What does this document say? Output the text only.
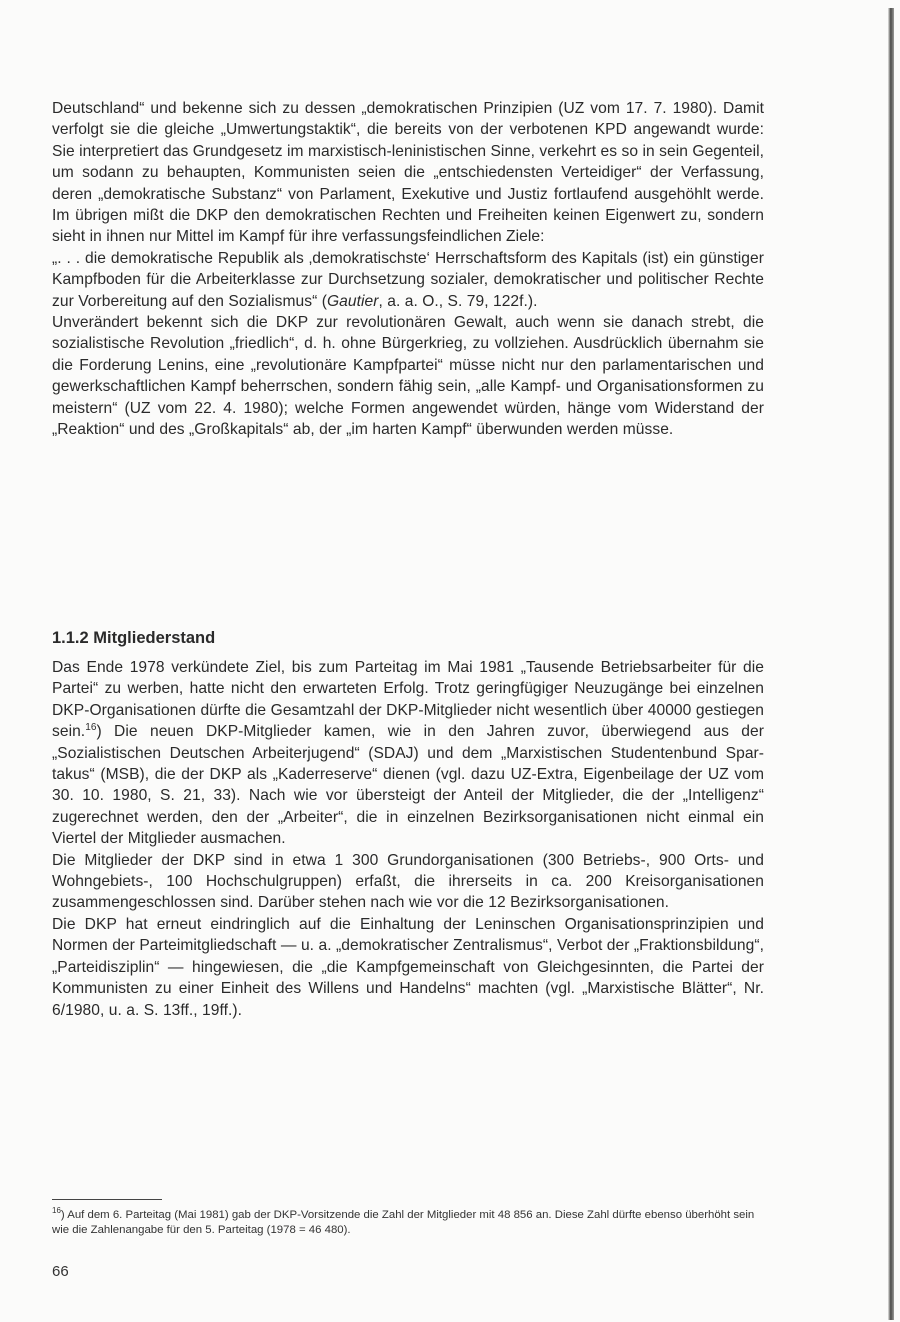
Deutschland“ und bekenne sich zu dessen „demokratischen Prinzipien (UZ vom 17. 7. 1980). Damit verfolgt sie die gleiche „Umwertungstaktik“, die bereits von der verbotenen KPD angewandt wurde: Sie interpretiert das Grundgesetz im marxistisch-leninistischen Sinne, verkehrt es so in sein Gegenteil, um sodann zu behaupten, Kommunisten seien die „entschiedensten Verteidiger“ der Verfassung, deren „demokratische Substanz“ von Parlament, Exekutive und Justiz fortlaufend ausgehöhlt werde. Im übrigen mißt die DKP den demokratischen Rechten und Freiheiten keinen Eigenwert zu, sondern sieht in ihnen nur Mittel im Kampf für ihre verfassungsfeindlichen Ziele:

„. . . die demokratische Republik als ‚demokratischste‘ Herrschaftsform des Kapitals (ist) ein günstiger Kampfboden für die Arbeiterklasse zur Durchsetzung sozialer, demokratischer und politischer Rechte zur Vorbereitung auf den Sozialismus“ (Gautier, a. a. O., S. 79, 122f.).

Unverändert bekennt sich die DKP zur revolutionären Gewalt, auch wenn sie danach strebt, die sozialistische Revolution „friedlich“, d. h. ohne Bürgerkrieg, zu vollziehen. Ausdrücklich übernahm sie die Forderung Lenins, eine „revolutionäre Kampfpartei“ müsse nicht nur den parlamentarischen und gewerkschaftlichen Kampf beherrschen, sondern fähig sein, „alle Kampf- und Organisationsformen zu meistern“ (UZ vom 22. 4. 1980); welche Formen angewendet würden, hänge vom Widerstand der „Reaktion“ und des „Großkapitals“ ab, der „im harten Kampf“ überwunden werden müsse.

1.1.2 Mitgliederstand

Das Ende 1978 verkündete Ziel, bis zum Parteitag im Mai 1981 „Tausende Betriebsarbeiter für die Partei“ zu werben, hatte nicht den erwarteten Erfolg. Trotz geringfügiger Neuzugänge bei einzelnen DKP-Organisationen dürfte die Gesamtzahl der DKP-Mitglieder nicht wesentlich über 40000 gestiegen sein.$^{16}$) Die neuen DKP-Mitglieder kamen, wie in den Jahren zuvor, überwiegend aus der „Sozialistischen Deutschen Arbeiterjugend“ (SDAJ) und dem „Marxistischen Studentenbund Spartakus“ (MSB), die der DKP als „Kaderreserve“ dienen (vgl. dazu UZ-Extra, Eigenbeilage der UZ vom 30. 10. 1980, S. 21, 33). Nach wie vor übersteigt der Anteil der Mitglieder, die der „Intelligenz“ zugerechnet werden, den der „Arbeiter“, die in einzelnen Bezirksorganisationen nicht einmal ein Viertel der Mitglieder ausmachen.

Die Mitglieder der DKP sind in etwa 1 300 Grundorganisationen (300 Betriebs-, 900 Orts- und Wohngebiets-, 100 Hochschulgruppen) erfaßt, die ihrerseits in ca. 200 Kreisorganisationen zusammengeschlossen sind. Darüber stehen nach wie vor die 12 Bezirksorganisationen.

Die DKP hat erneut eindringlich auf die Einhaltung der Leninschen Organisationsprinzipien und Normen der Parteimitgliedschaft — u. a. „demokratischer Zentralismus“, Verbot der „Fraktionsbildung“, „Parteidisziplin“ — hingewiesen, die „die Kampfgemeinschaft von Gleichgesinnten, die Partei der Kommunisten zu einer Einheit des Willens und Handelns“ machten (vgl. „Marxistische Blätter“, Nr. 6/1980, u. a. S. 13ff., 19ff.).

$^{16}$) Auf dem 6. Parteitag (Mai 1981) gab der DKP-Vorsitzende die Zahl der Mitglieder mit 48 856 an. Diese Zahl dürfte ebenso überhöht sein wie die Zahlenangabe für den 5. Parteitag (1978 = 46 480).
66
